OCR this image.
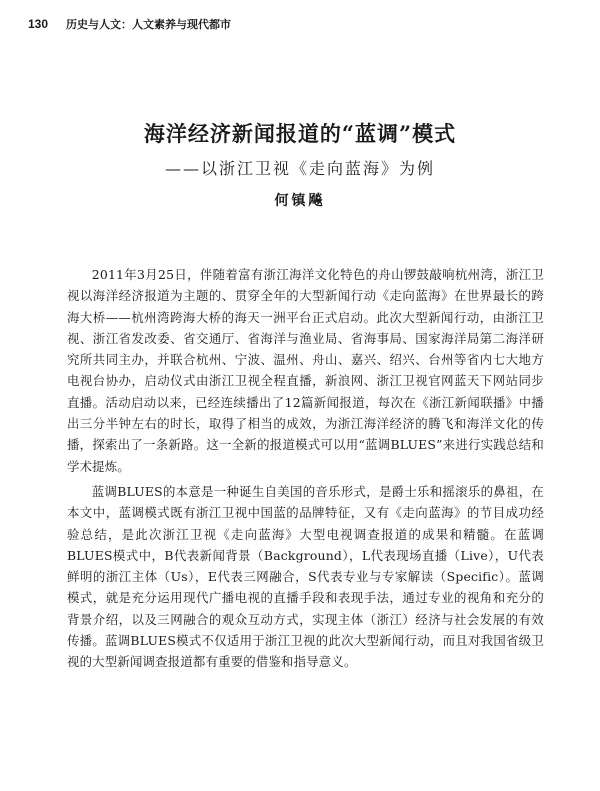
130 历史与人文：人文素养与现代都市
海洋经济新闻报道的“蓝调”模式
——以浙江卫视《走向蓝海》为例
何镇飚

2011年3月25日，伴随着富有浙江海洋文化特色的舟山锣鼓敲响杭州湾，浙江卫视以海洋经济报道为主题的、贯穿全年的大型新闻行动《走向蓝海》在世界最长的跨海大桥——杭州湾跨海大桥的海天一洲平台正式启动。此次大型新闻行动，由浙江卫视、浙江省发改委、省交通厅、省海洋与渔业局、省海事局、国家海洋局第二海洋研究所共同主办，并联合杭州、宁波、温州、舟山、嘉兴、绍兴、台州等省内七大地方电视台协办，启动仪式由浙江卫视全程直播，新浪网、浙江卫视官网蓝天下网站同步直播。活动启动以来，已经连续播出了12篇新闻报道，每次在《浙江新闻联播》中播出三分半钟左右的时长，取得了相当的成效，为浙江海洋经济的腾飞和海洋文化的传播，探索出了一条新路。这一全新的报道模式可以用“蓝调BLUES”来进行实践总结和学术提炼。

蓝调BLUES的本意是一种诞生自美国的音乐形式，是爵士乐和摇滚乐的鼻祖，在本文中，蓝调模式既有浙江卫视中国蓝的品牌特征，又有《走向蓝海》的节目成功经验总结，是此次浙江卫视《走向蓝海》大型电视调查报道的成果和精髓。在蓝调BLUES模式中，B代表新闻背景（Background），L代表现场直播（Live），U代表鲜明的浙江主体（Us），E代表三网融合，S代表专业与专家解读（Specific）。蓝调模式，就是充分运用现代广播电视的直播手段和表现手法，通过专业的视角和充分的背景介绍，以及三网融合的观众互动方式，实现主体（浙江）经济与社会发展的有效传播。蓝调BLUES模式不仅适用于浙江卫视的此次大型新闻行动，而且对我国省级卫视的大型新闻调查报道都有重要的借鉴和指导意义。
